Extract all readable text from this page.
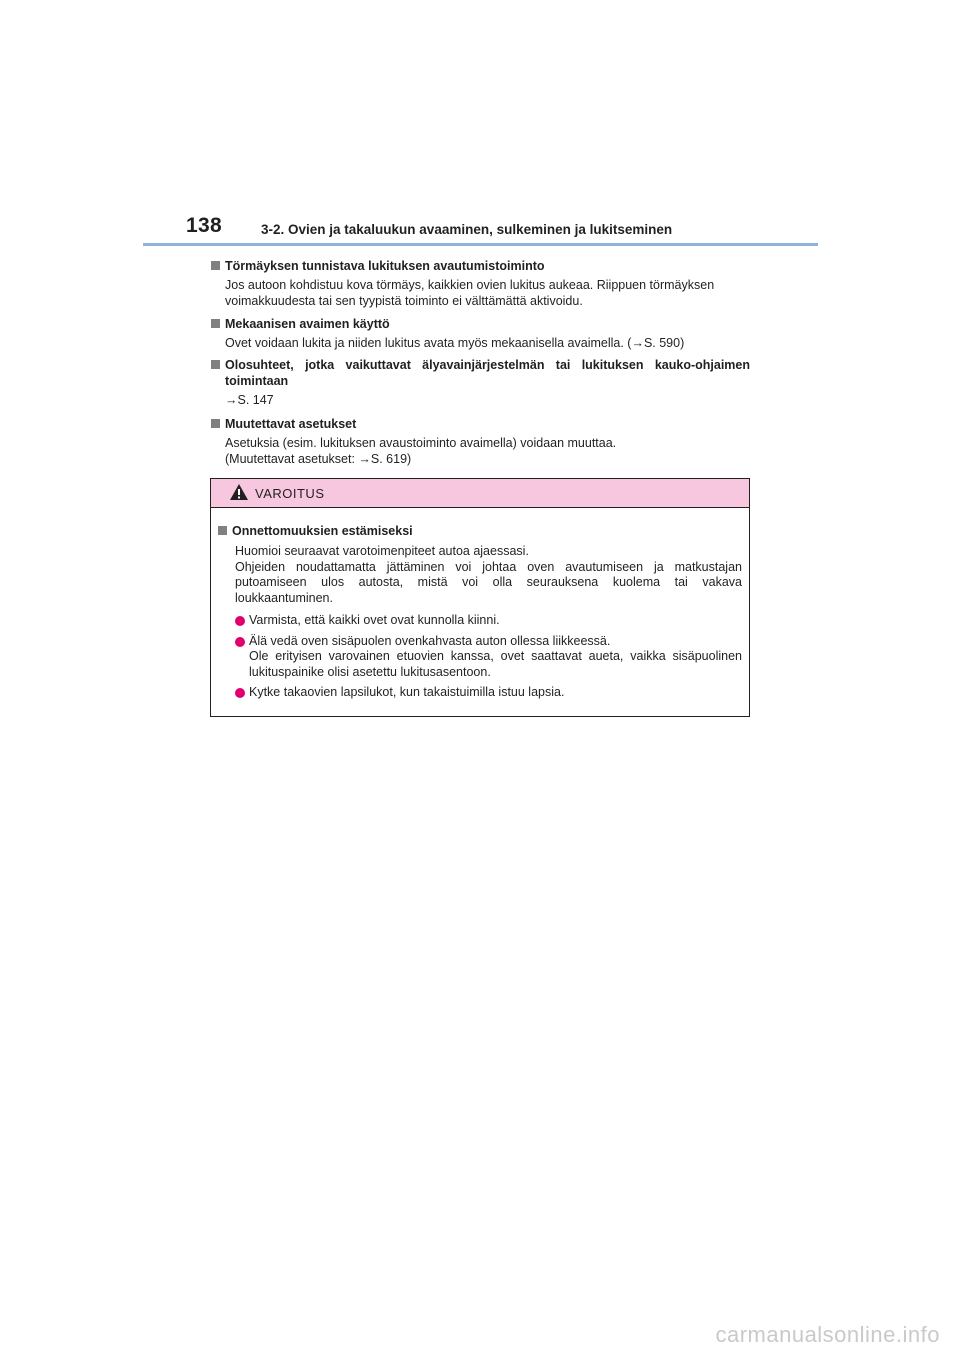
138	3-2. Ovien ja takaluukun avaaminen, sulkeminen ja lukitseminen
Törmäyksen tunnistava lukituksen avautumistoiminto
Jos autoon kohdistuu kova törmäys, kaikkien ovien lukitus aukeaa. Riippuen törmäyksen
voimakkuudesta tai sen tyypistä toiminto ei välttämättä aktivoidu.
Mekaanisen avaimen käyttö
Ovet voidaan lukita ja niiden lukitus avata myös mekaanisella avaimella. (→S. 590)
Olosuhteet, jotka vaikuttavat älyavainjärjestelmän tai lukituksen kauko-ohjaimen toimintaan
→S. 147
Muutettavat asetukset
Asetuksia (esim. lukituksen avaustoiminto avaimella) voidaan muuttaa.
(Muutettavat asetukset: →S. 619)
VAROITUS
Onnettomuuksien estämiseksi
Huomioi seuraavat varotoimenpiteet autoa ajaessasi.
Ohjeiden noudattamatta jättäminen voi johtaa oven avautumiseen ja matkustajan putoamiseen ulos autosta, mistä voi olla seurauksena kuolema tai vakava loukkaantuminen.
Varmista, että kaikki ovet ovat kunnolla kiinni.
Älä vedä oven sisäpuolen ovenkahvasta auton ollessa liikkeessä.
Ole erityisen varovainen etuovien kanssa, ovet saattavat aueta, vaikka sisäpuolinen lukituspainike olisi asetettu lukitusasentoon.
Kytke takaovien lapsilukot, kun takaistuimilla istuu lapsia.
carmanualsonline.info
